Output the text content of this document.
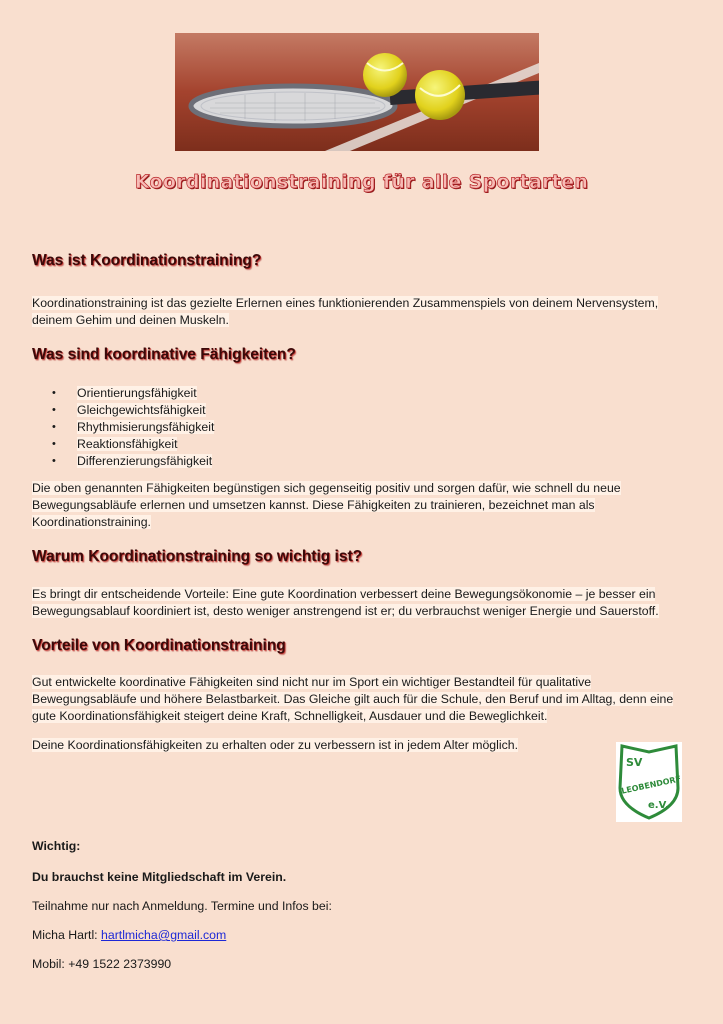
Koordinationstraining für alle Sportarten
Was ist Koordinationstraining?

Koordinationstraining ist das gezielte Erlernen eines funktionierenden Zusammenspiels von deinem Nervensystem, deinem Gehim und deinen Muskeln.

Was sind koordinative Fähigkeiten?
• Orientierungsfähigkeit
• Gleichgewichtsfähigkeit
• Rhythmisierungsfähigkeit
• Reaktionsfähigkeit
• Differenzierungsfähigkeit

Die oben genannten Fähigkeiten begünstigen sich gegenseitig positiv und sorgen dafür, wie schnell du neue Bewegungsabläufe erlernen und umsetzen kannst. Diese Fähigkeiten zu trainieren, bezeichnet man als Koordinationstraining.

Warum Koordinationstraining so wichtig ist?

Es bringt dir entscheidende Vorteile: Eine gute Koordination verbessert deine Bewegungsökonomie – je besser ein Bewegungsablauf koordiniert ist, desto weniger anstrengend ist er; du verbrauchst weniger Energie und Sauerstoff.

Vorteile von Koordinationstraining

Gut entwickelte koordinative Fähigkeiten sind nicht nur im Sport ein wichtiger Bestandteil für qualitative Bewegungsabläufe und höhere Belastbarkeit. Das Gleiche gilt auch für die Schule, den Beruf und im Alltag, denn eine gute Koordinationsfähigkeit steigert deine Kraft, Schnelligkeit, Ausdauer und die Beweglichkeit.

Deine Koordinationsfähigkeiten zu erhalten oder zu verbessern ist in jedem Alter möglich.

SV
LEOBENDORF
e.V.

Wichtig:

Du brauchst keine Mitgliedschaft im Verein.

Teilnahme nur nach Anmeldung. Termine und Infos bei:

Micha Hartl: hartlmicha@gmail.com

Mobil: +49 1522 2373990
